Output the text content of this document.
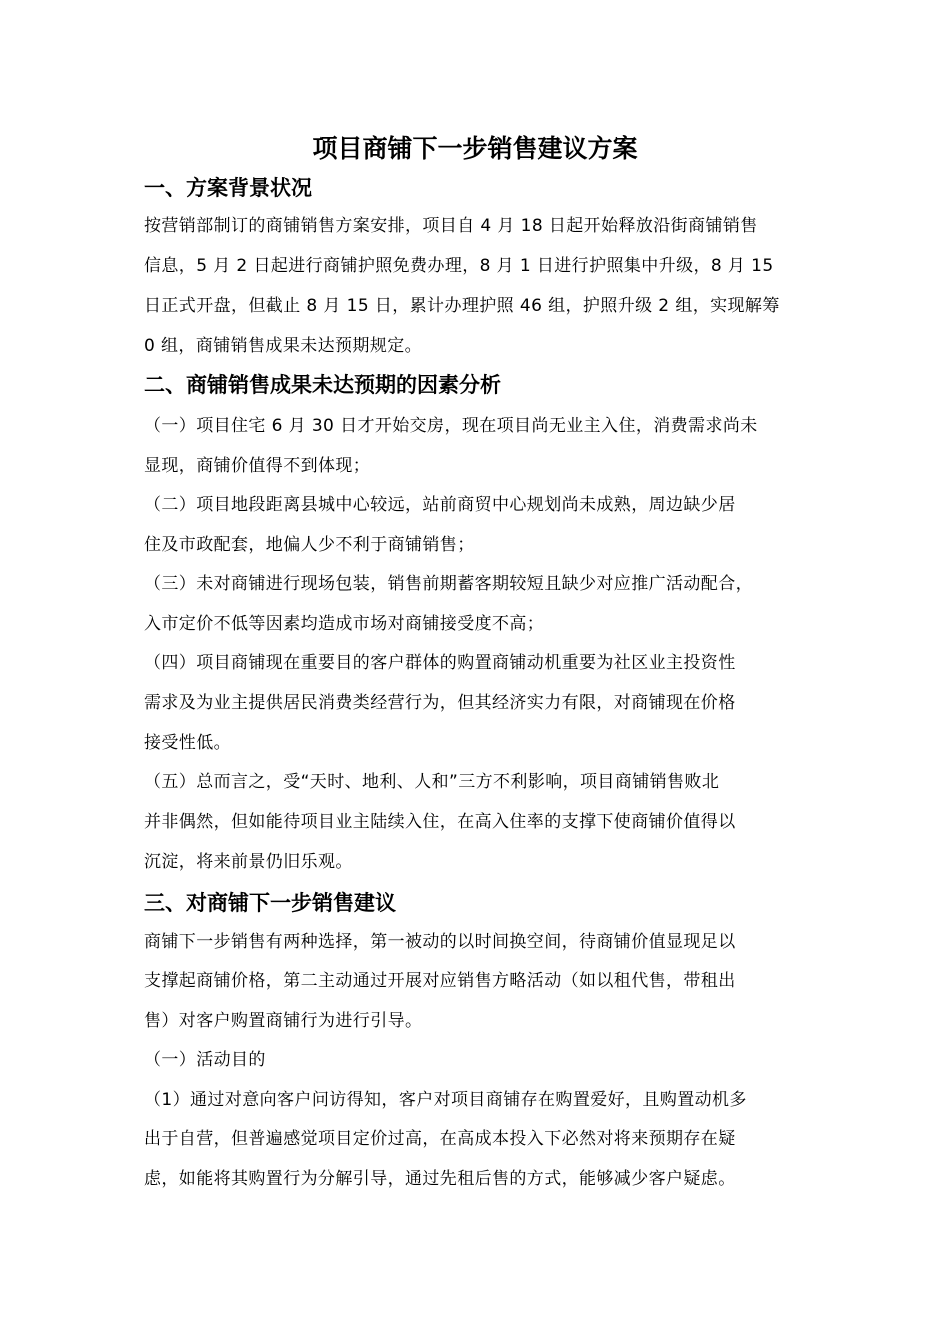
项目商铺下一步销售建议方案
一、方案背景状况
按营销部制订的商铺销售方案安排，项目自 4 月 18 日起开始释放沿街商铺销售
信息，5 月 2 日起进行商铺护照免费办理，8 月 1 日进行护照集中升级，8 月 15
日正式开盘，但截止 8 月 15 日，累计办理护照 46 组，护照升级 2 组，实现解筹
0 组，商铺销售成果未达预期规定。
二、商铺销售成果未达预期的因素分析
（一）项目住宅 6 月 30 日才开始交房，现在项目尚无业主入住，消费需求尚未
显现，商铺价值得不到体现；
（二）项目地段距离县城中心较远，站前商贸中心规划尚未成熟，周边缺少居
住及市政配套，地偏人少不利于商铺销售；
（三）未对商铺进行现场包装，销售前期蓄客期较短且缺少对应推广活动配合，
入市定价不低等因素均造成市场对商铺接受度不高；
（四）项目商铺现在重要目的客户群体的购置商铺动机重要为社区业主投资性
需求及为业主提供居民消费类经营行为，但其经济实力有限，对商铺现在价格
接受性低。
（五）总而言之，受“天时、地利、人和”三方不利影响，项目商铺销售败北
并非偶然，但如能待项目业主陆续入住，在高入住率的支撑下使商铺价值得以
沉淀，将来前景仍旧乐观。
三、对商铺下一步销售建议
商铺下一步销售有两种选择，第一被动的以时间换空间，待商铺价值显现足以
支撑起商铺价格，第二主动通过开展对应销售方略活动（如以租代售，带租出
售）对客户购置商铺行为进行引导。
（一）活动目的
（1）通过对意向客户问访得知，客户对项目商铺存在购置爱好，且购置动机多
出于自营，但普遍感觉项目定价过高，在高成本投入下必然对将来预期存在疑
虑，如能将其购置行为分解引导，通过先租后售的方式，能够减少客户疑虑。
